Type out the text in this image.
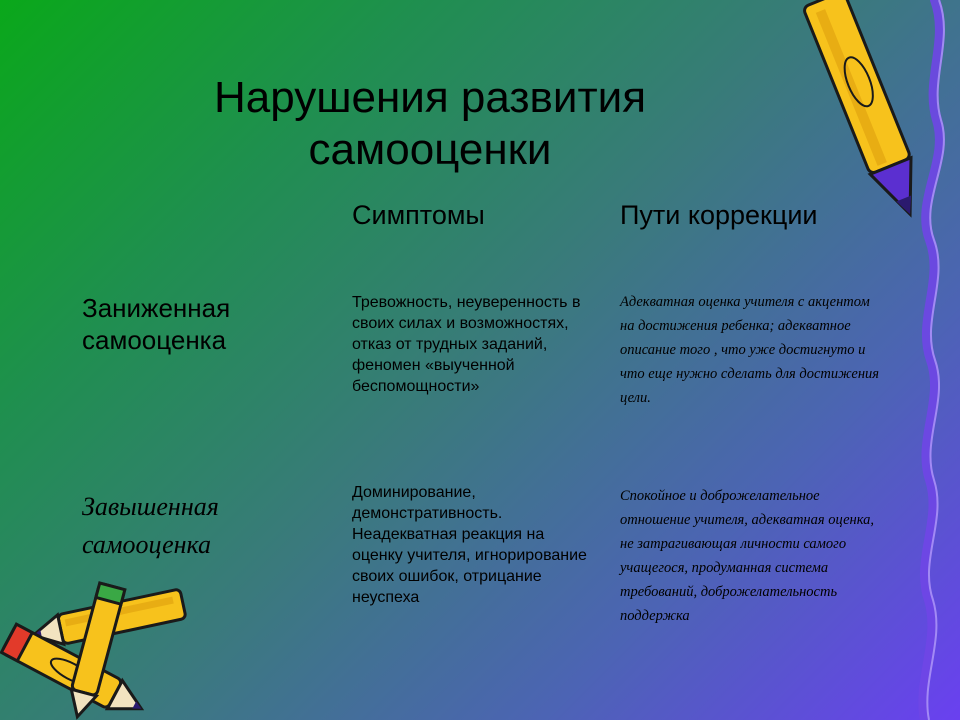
Нарушения развития самооценки
Симптомы	Пути коррекции
Заниженная самооценка
Тревожность, неуверенность в своих силах и возможностях, отказ от трудных заданий, феномен «выученной беспомощности»
Адекватная оценка учителя с акцентом на достижения ребенка; адекватное описание того , что уже достигнуто и что еще нужно сделать для достижения цели.
Завышенная самооценка
Доминирование, демонстративность. Неадекватная реакция на оценку учителя, игнорирование своих ошибок, отрицание неуспеха
Спокойное и доброжелательное отношение учителя, адекватная оценка, не затрагивающая личности самого учащегося, продуманная система требований, доброжелательность поддержка
